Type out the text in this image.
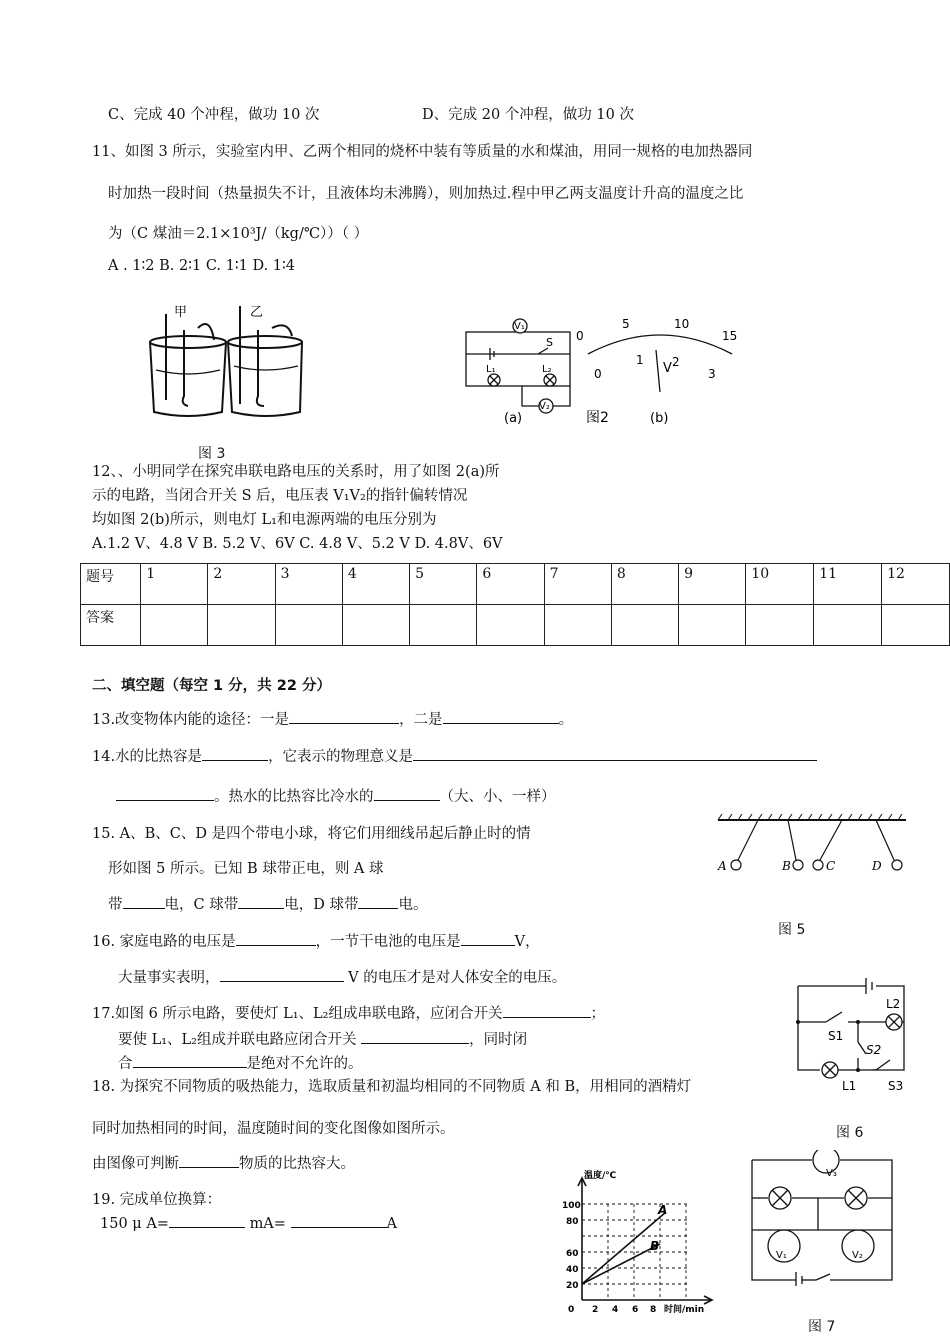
C、完成 40 个冲程，做功 10 次	D、完成 20 个冲程，做功 10 次
11、如图 3 所示，实验室内甲、乙两个相同的烧杯中装有等质量的水和煤油，用同一规格的电加热器同
时加热一段时间（热量损失不计，且液体均未沸腾），则加热过.程中甲乙两支温度计升高的温度之比
为（C 煤油＝2.1×10³J/（kg/℃））（ ）
A . 1∶2 B. 2∶1 C. 1∶1 D. 1∶4
甲	乙
图 3
V₁
V₂
S
L₁	L₂	V
0
5	10
15
0
1 2
3
(a)	图2	(b)
12、、小明同学在探究串联电路电压的关系时，用了如图 2(a)所
示的电路，当闭合开关 S 后，电压表 V₁V₂的指针偏转情况
均如图 2(b)所示，则电灯 L₁和电源两端的电压分别为
A.1.2 V、4.8 V B. 5.2 V、6V C. 4.8 V、5.2 V D. 4.8V、6V
题号	1	2	3	4	5	6	7	8	9	10	11	12
答案												
二、填空题（每空 1 分，共 22 分）
13.改变物体内能的途径：一是	，二是	。
14.水的比热容是	，它表示的物理意义是
。热水的比热容比冷水的	（大、小、一样）
15. A、B、C、D 是四个带电小球，将它们用细线吊起后静止时的情
形如图 5 所示。已知 B 球带正电，则 A 球
带	电，C 球带	电，D 球带	电。
A	B	C	D
图 5
16. 家庭电路的电压是	，一节干电池的电压是	V，
大量事实表明，	V 的电压才是对人体安全的电压。
17.如图 6 所示电路，要使灯 L₁、L₂组成串联电路，应闭合开关	；
要使 L₁、L₂组成并联电路应闭合开关	，同时闭
合	是绝对不允许的。
S1
S2
S3
L1
L2
图 6
18. 为探究不同物质的吸热能力，选取质量和初温均相同的不同物质 A 和 B，用相同的酒精灯
同时加热相同的时间，温度随时间的变化图像如图所示。
由图像可判断	物质的比热容大。
19. 完成单位换算：
150 μ A=	mA=	A
温度/℃
100
80
60
40
20
0 2 4 6 8 时间/min
A
B
V₃
V₁	V₂
图 7
